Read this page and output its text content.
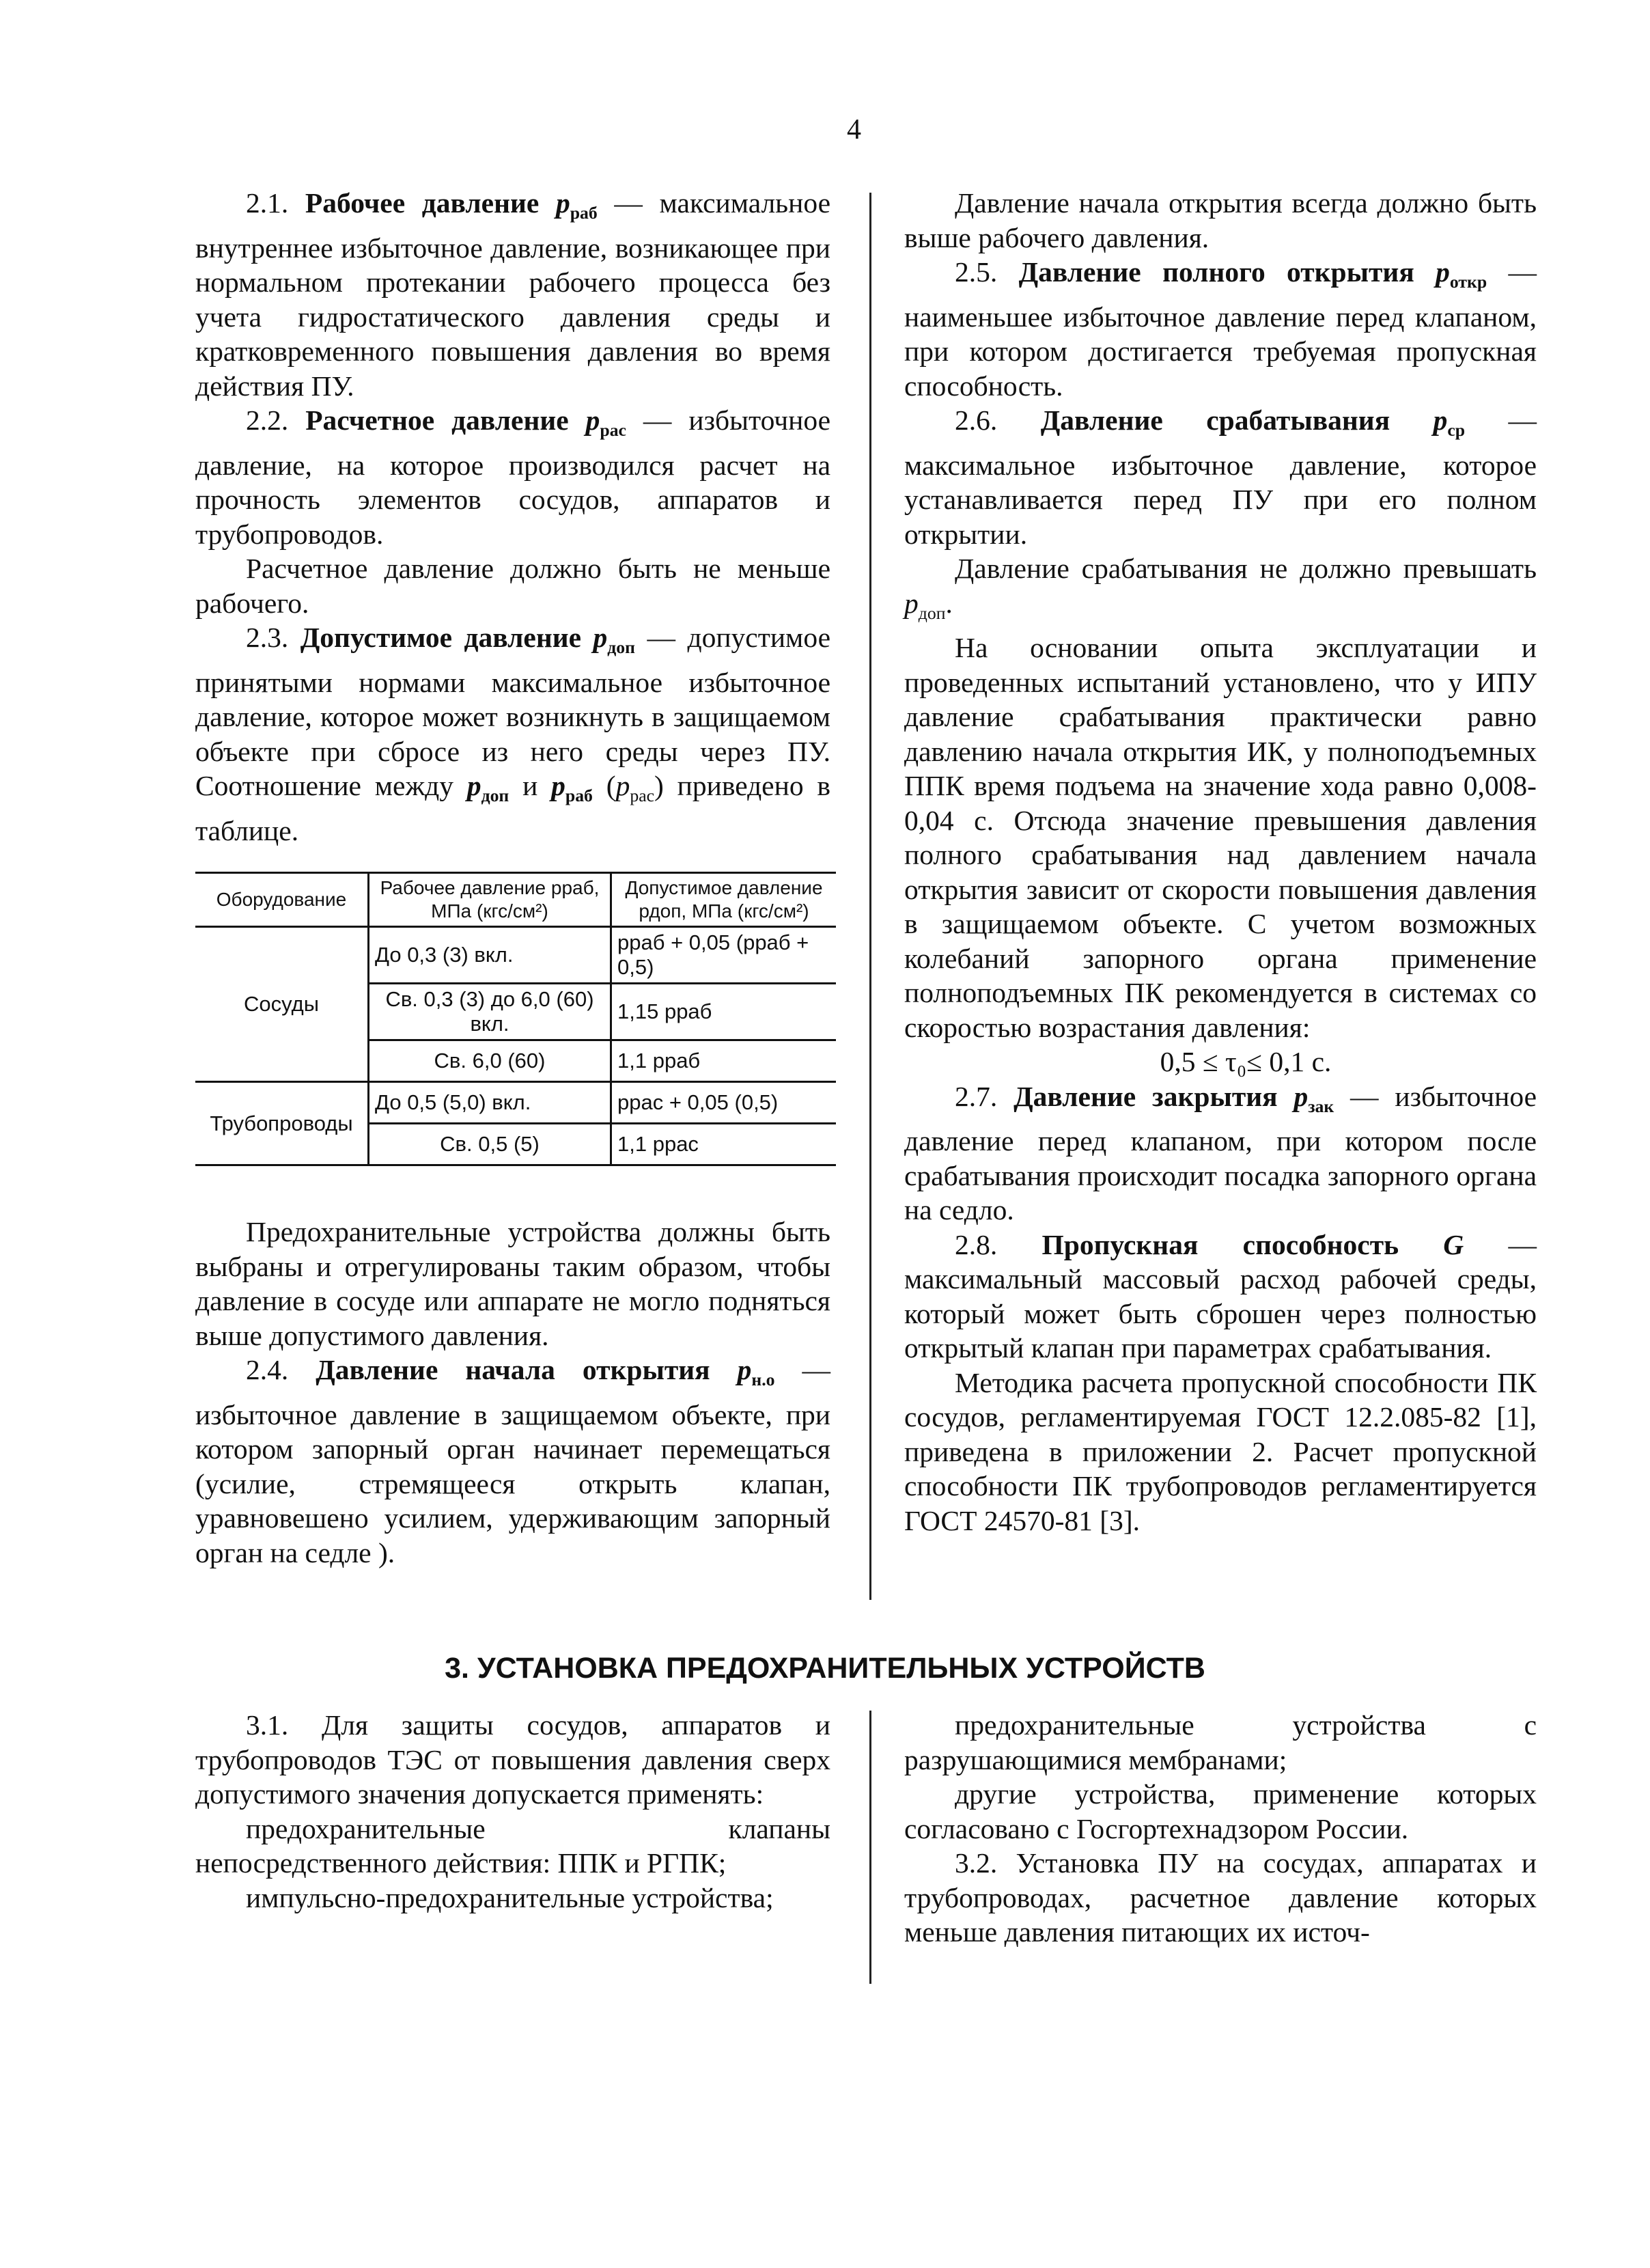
4

2.1. Рабочее давление $р_{раб}$ — максимальное внутреннее избыточное давление, возникающее при нормальном протекании рабочего процесса без учета гидростатического давления среды и кратковременного повышения давления во время действия ПУ.

2.2. Расчетное давление $р_{рас}$ — избыточное давление, на которое производился расчет на прочность элементов сосудов, аппаратов и трубопроводов.

Расчетное давление должно быть не меньше рабочего.

2.3. Допустимое давление $р_{доп}$ — допустимое принятыми нормами максимальное избыточное давление, которое может возникнуть в защищаемом объекте при сбросе из него среды через ПУ. Соотношение между $р_{доп}$ и $р_{раб}$ $(р_{рас})$ приведено в таблице.

Оборудование	Рабочее давление рраб, МПа (кгс/см²)	Допустимое давление рдоп, МПа (кгс/см²)
Сосуды	До 0,3 (3) вкл.	рраб + 0,05 (рраб + 0,5)
	Св. 0,3 (3) до 6,0 (60) вкл.	1,15 рраб
	Св. 6,0 (60)	1,1 рраб
Трубопроводы	До 0,5 (5,0) вкл.	ррас + 0,05 (0,5)
	Св. 0,5 (5)	1,1 ррас

Предохранительные устройства должны быть выбраны и отрегулированы таким образом, чтобы давление в сосуде или аппарате не могло подняться выше допустимого давления.

2.4. Давление начала открытия $р_{н.о}$ — избыточное давление в защищаемом объекте, при котором запорный орган начинает перемещаться (усилие, стремящееся открыть клапан, уравновешено усилием, удерживающим запорный орган на седле ).

Давление начала открытия всегда должно быть выше рабочего давления.

2.5. Давление полного открытия $р_{откр}$ — наименьшее избыточное давление перед клапаном, при котором достигается требуемая пропускная способность.

2.6. Давление срабатывания $р_{ср}$ — максимальное избыточное давление, которое устанавливается перед ПУ при его полном открытии.

Давление срабатывания не должно превышать $р_{доп}$.

На основании опыта эксплуатации и проведенных испытаний установлено, что у ИПУ давление срабатывания практически равно давлению начала открытия ИК, у полноподъемных ППК время подъема на значение хода равно 0,008-0,04 с. Отсюда значение превышения давления полного срабатывания над давлением начала открытия зависит от скорости повышения давления в защищаемом объекте. С учетом возможных колебаний запорного органа применение полноподъемных ПК рекомендуется в системах со скоростью возрастания давления:

0,5 ≤ τ₀≤ 0,1 с.

2.7. Давление закрытия $р_{зак}$ — избыточное давление перед клапаном, при котором после срабатывания происходит посадка запорного органа на седло.

2.8. Пропускная способность G — максимальный массовый расход рабочей среды, который может быть сброшен через полностью открытый клапан при параметрах срабатывания.

Методика расчета пропускной способности ПК сосудов, регламентируемая ГОСТ 12.2.085-82 [1], приведена в приложении 2. Расчет пропускной способности ПК трубопроводов регламентируется ГОСТ 24570-81 [3].

3. УСТАНОВКА ПРЕДОХРАНИТЕЛЬНЫХ УСТРОЙСТВ

3.1. Для защиты сосудов, аппаратов и трубопроводов ТЭС от повышения давления сверх допустимого значения допускается применять:

предохранительные клапаны непосредственного действия: ППК и РГПК;

импульсно-предохранительные устройства;

предохранительные устройства с разрушающимися мембранами;

другие устройства, применение которых согласовано с Госгортехнадзором России.

3.2. Установка ПУ на сосудах, аппаратах и трубопроводах, расчетное давление которых меньше давления питающих их источ-
